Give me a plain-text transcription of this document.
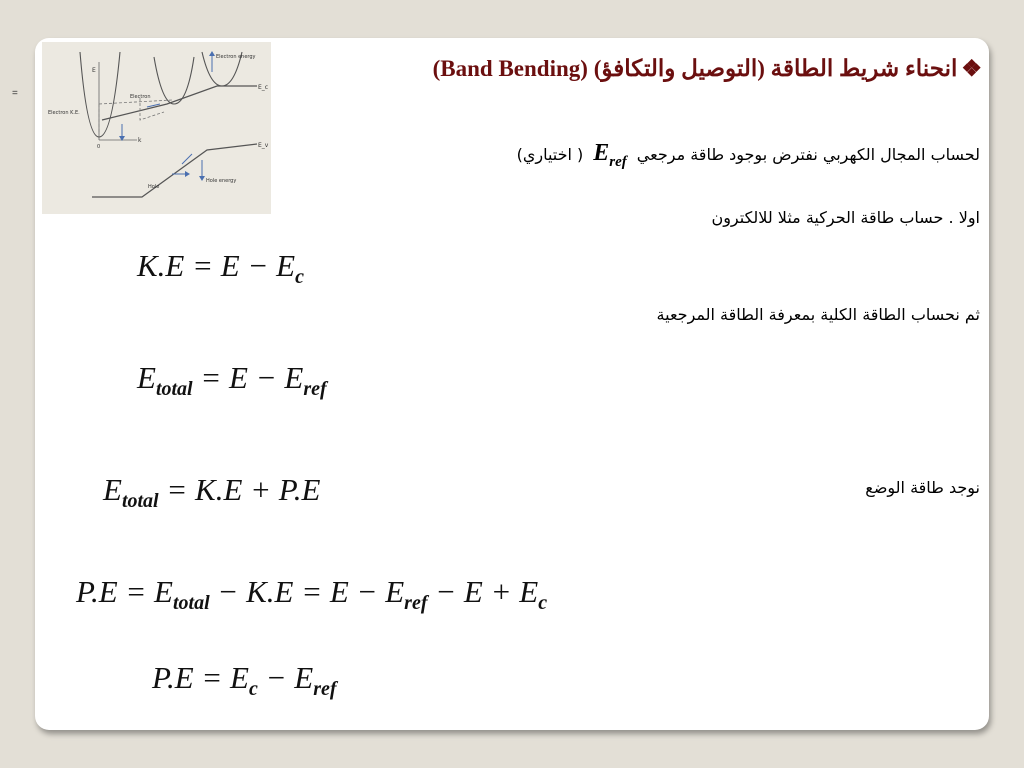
=
E_c
E_v
E
k
0
Electron energy
Hole energy
Electron K.E.
Hole
Electron
❖انحناء شريط الطاقة (التوصيل والتكافؤ) (Band Bending)
لحساب المجال الكهربي نفترض بوجود طاقة مرجعيE$_{ref}$( اختياري)
اولا . حساب طاقة الحركية مثلا للالكترون
ثم نحساب الطاقة الكلية بمعرفة الطاقة المرجعية
نوجد طاقة الوضع
$K.E = E - E_c$
$E_{total} = E - E_{ref}$
$E_{total} = K.E + P.E$
$P.E = E_{total} - K.E = E - E_{ref} - E + E_c$
$P.E = E_c - E_{ref}$
